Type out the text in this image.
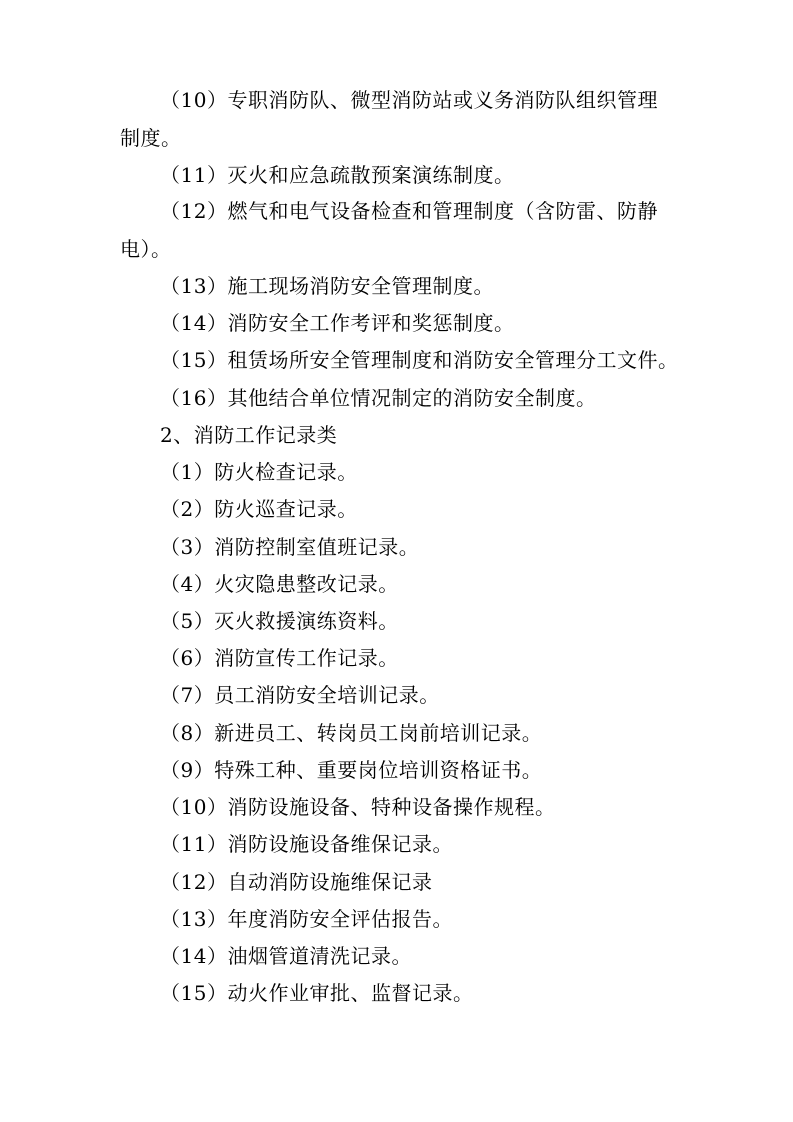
（10）专职消防队、微型消防站或义务消防队组织管理

制度。

（11）灭火和应急疏散预案演练制度。

（12）燃气和电气设备检查和管理制度（含防雷、防静

电）。

（13）施工现场消防安全管理制度。

（14）消防安全工作考评和奖惩制度。

（15）租赁场所安全管理制度和消防安全管理分工文件。

（16）其他结合单位情况制定的消防安全制度。

2、消防工作记录类

（1）防火检查记录。

（2）防火巡查记录。

（3）消防控制室值班记录。

（4）火灾隐患整改记录。

（5）灭火救援演练资料。

（6）消防宣传工作记录。

（7）员工消防安全培训记录。

（8）新进员工、转岗员工岗前培训记录。

（9）特殊工种、重要岗位培训资格证书。

（10）消防设施设备、特种设备操作规程。

（11）消防设施设备维保记录。

（12）自动消防设施维保记录

（13）年度消防安全评估报告。

（14）油烟管道清洗记录。

（15）动火作业审批、监督记录。
